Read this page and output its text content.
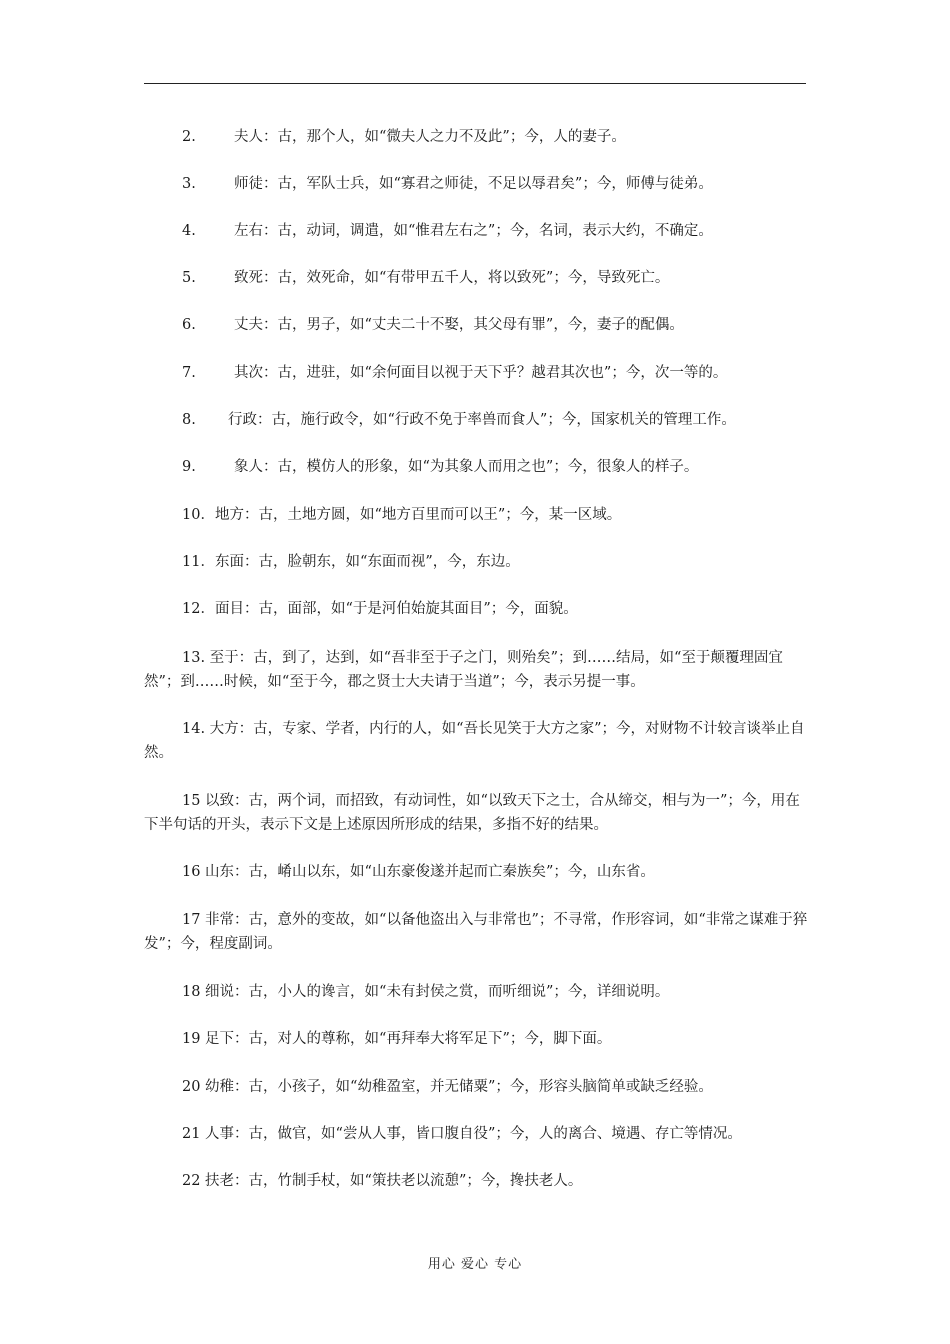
2.	夫人：古，那个人，如“微夫人之力不及此”；今，人的妻子。
3.	师徒：古，军队士兵，如“寡君之师徒，不足以辱君矣”；今，师傅与徒弟。
4.	左右：古，动词，调遣，如“惟君左右之”；今，名词，表示大约，不确定。
5.	致死：古，效死命，如“有带甲五千人，将以致死”；今，导致死亡。
6.	丈夫：古，男子，如“丈夫二十不娶，其父母有罪”，今，妻子的配偶。
7.	其次：古，进驻，如“余何面目以视于天下乎？越君其次也”；今，次一等的。
8. 行政：古，施行政令，如“行政不免于率兽而食人”；今，国家机关的管理工作。
9.	象人：古，模仿人的形象，如“为其象人而用之也”；今，很象人的样子。
10．地方：古，土地方圆，如“地方百里而可以王”；今，某一区域。
11．东面：古，脸朝东，如“东面而视”，今，东边。
12．面目：古，面部，如“于是河伯始旋其面目”；今，面貌。
13. 至于：古，到了，达到，如“吾非至于子之门，则殆矣”；到……结局，如“至于颠覆理固宜然”；到……时候，如“至于今，郡之贤士大夫请于当道”；今，表示另提一事。
14. 大方：古，专家、学者，内行的人，如“吾长见笑于大方之家”；今，对财物不计较言谈举止自然。
15 以致：古，两个词，而招致，有动词性，如“以致天下之士，合从缔交，相与为一”；今，用在下半句话的开头，表示下文是上述原因所形成的结果，多指不好的结果。
16 山东：古，崤山以东，如“山东豪俊遂并起而亡秦族矣”；今，山东省。
17 非常：古，意外的变故，如“以备他盗出入与非常也”；不寻常，作形容词，如“非常之谋难于猝发”；今，程度副词。
18 细说：古，小人的谗言，如“未有封侯之赏，而听细说”；今，详细说明。
19 足下：古，对人的尊称，如“再拜奉大将军足下”；今，脚下面。
20 幼稚：古，小孩子，如“幼稚盈室，并无储粟”；今，形容头脑简单或缺乏经验。
21 人事：古，做官，如“尝从人事，皆口腹自役”；今，人的离合、境遇、存亡等情况。
22 扶老：古，竹制手杖，如“策扶老以流憩”；今，搀扶老人。
用心 爱心 专心
